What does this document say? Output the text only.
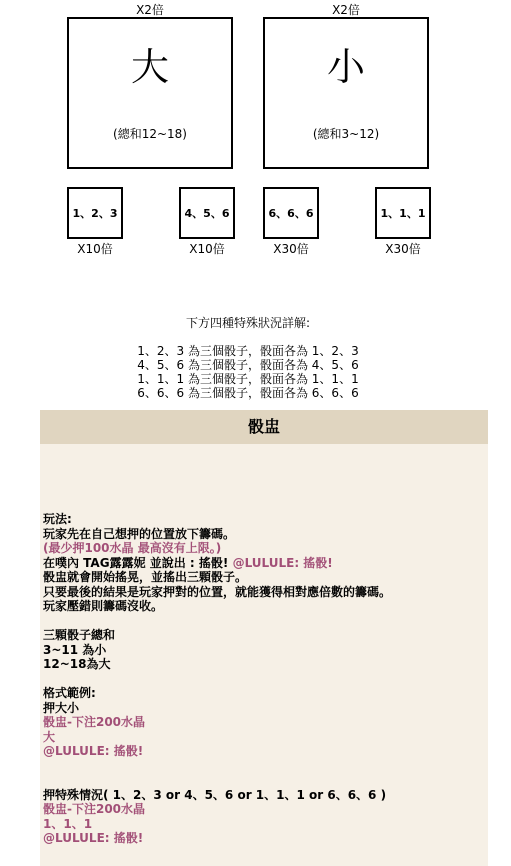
X2倍
大
(總和12~18)
X2倍
小
(總和3~12)
1、2、3
X10倍
4、5、6
X10倍
6、6、6
X30倍
1、1、1
X30倍
下方四種特殊狀況詳解:
1、2、3 為三個骰子，骰面各為 1、2、3
4、5、6 為三個骰子，骰面各為 4、5、6
1、1、1 為三個骰子，骰面各為 1、1、1
6、6、6 為三個骰子，骰面各為 6、6、6
骰盅
玩法:
玩家先在自己想押的位置放下籌碼。
(最少押100水晶 最高沒有上限。)
在噗內 TAG露露妮 並說出 : 搖骰! @LULULE: 搖骰!
骰盅就會開始搖晃，並搖出三顆骰子。
只要最後的結果是玩家押對的位置，就能獲得相對應倍數的籌碼。
玩家壓錯則籌碼沒收。
三顆骰子總和
3~11 為小
12~18為大
格式範例:
押大小
骰盅-下注200水晶
大
@LULULE: 搖骰!
押特殊情況( 1、2、3 or 4、5、6 or 1、1、1 or 6、6、6 )
骰盅-下注200水晶
1、1、1
@LULULE: 搖骰!
